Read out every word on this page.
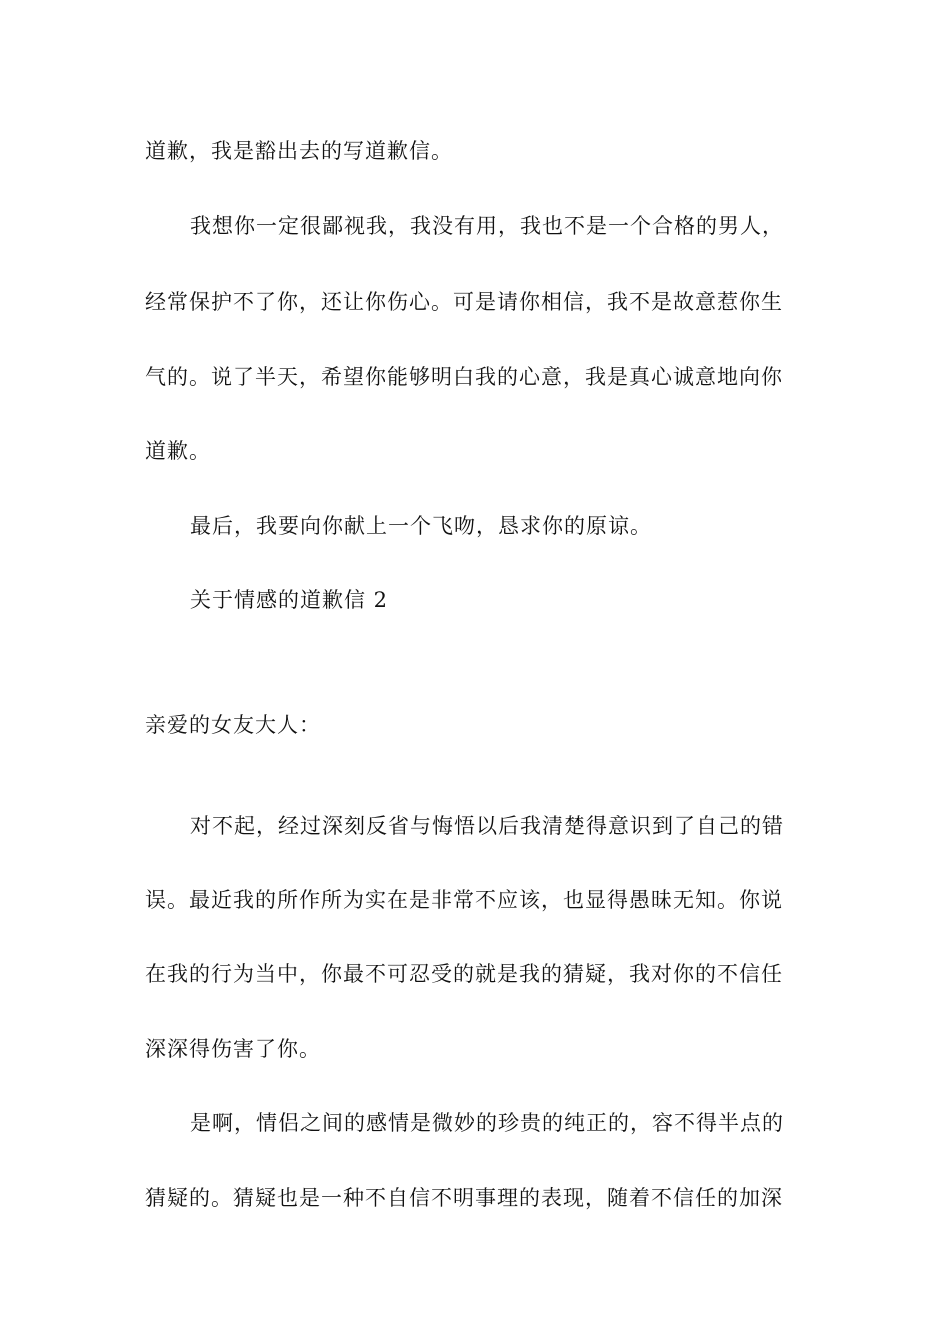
道歉，我是豁出去的写道歉信。
我想你一定很鄙视我，我没有用，我也不是一个合格的男人，
经常保护不了你，还让你伤心。可是请你相信，我不是故意惹你生
气的。说了半天，希望你能够明白我的心意，我是真心诚意地向你
道歉。
最后，我要向你献上一个飞吻，恳求你的原谅。
关于情感的道歉信 2
亲爱的女友大人：
对不起，经过深刻反省与悔悟以后我清楚得意识到了自己的错
误。最近我的所作所为实在是非常不应该，也显得愚昧无知。你说
在我的行为当中，你最不可忍受的就是我的猜疑，我对你的不信任
深深得伤害了你。
是啊，情侣之间的感情是微妙的珍贵的纯正的，容不得半点的
猜疑的。猜疑也是一种不自信不明事理的表现，随着不信任的加深
